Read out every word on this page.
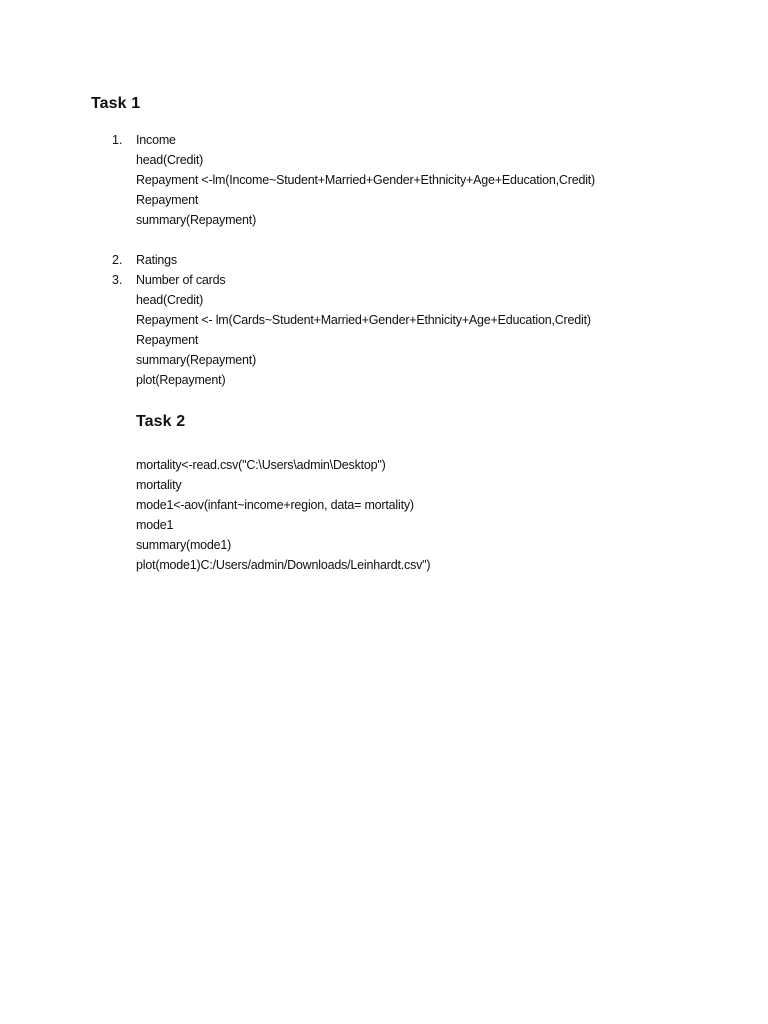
Task 1
1. Income
head(Credit)
Repayment <-lm(Income~Student+Married+Gender+Ethnicity+Age+Education,Credit)
Repayment
summary(Repayment)
2. Ratings
3. Number of cards
head(Credit)
Repayment <- lm(Cards~Student+Married+Gender+Ethnicity+Age+Education,Credit)
Repayment
summary(Repayment)
plot(Repayment)
Task 2
mortality<-read.csv("C:\Users\admin\Desktop")
mortality
mode1<-aov(infant~income+region, data= mortality)
mode1
summary(mode1)
plot(mode1)C:/Users/admin/Downloads/Leinhardt.csv")
